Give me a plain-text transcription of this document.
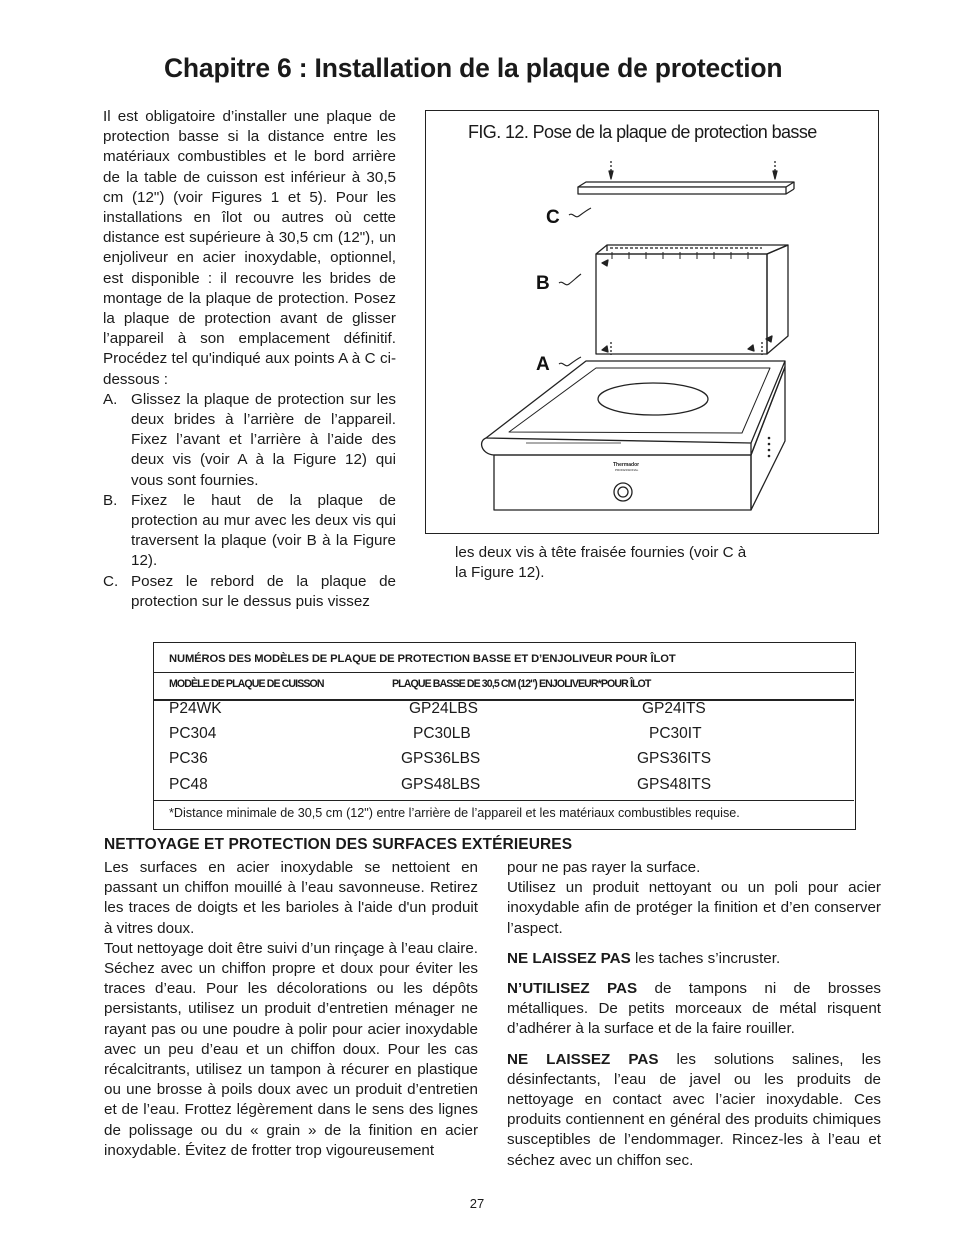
Chapitre 6 : Installation de la plaque de protection

Il est obligatoire d’installer une plaque de protection basse si la distance entre les matériaux combustibles et le bord arrière de la table de cuisson est inférieur à 30,5 cm (12") (voir Figures 1 et 5). Pour les installations en îlot ou autres où cette distance est supérieure à 30,5 cm (12"), un enjoliveur en acier inoxydable, optionnel, est disponible : il recouvre les brides de montage de la plaque de protection. Posez la plaque de protection avant de glisser l’appareil à son emplacement définitif. Procédez tel qu'indiqué aux points A à C ci-dessous :

A. Glissez la plaque de protection sur les deux brides à l’arrière de l’appareil. Fixez l’avant et l’arrière à l’aide des deux vis (voir A à la Figure 12) qui vous sont fournies.
B. Fixez le haut de la plaque de protection au mur avec les deux vis qui traversent la plaque (voir B à la Figure 12).
C. Posez le rebord de la plaque de protection sur le dessus puis vissez
FIG. 12. Pose de la plaque de protection basse
C
B
A
Thermador
PROFESSIONAL
les deux vis à tête fraisée fournies (voir C à la Figure 12).
NUMÉROS DES MODÈLES DE PLAQUE DE PROTECTION BASSE ET D’ENJOLIVEUR POUR ÎLOT
MODÈLE DE PLAQUE DE CUISSON	PLAQUE BASSE DE 30,5 CM (12") ENJOLIVEUR*POUR ÎLOT
P24WK	GP24LBS	GP24ITS
PC304	PC30LB	PC30IT
PC36	GPS36LBS	GPS36ITS
PC48	GPS48LBS	GPS48ITS
*Distance minimale de 30,5 cm (12") entre l’arrière de l’appareil et les matériaux combustibles requise.
NETTOYAGE ET PROTECTION DES SURFACES EXTÉRIEURES

Les surfaces en acier inoxydable se nettoient en passant un chiffon mouillé à l’eau savonneuse. Retirez les traces de doigts et les barioles à l'aide d'un produit à vitres doux.

Tout nettoyage doit être suivi d’un rinçage à l’eau claire. Séchez avec un chiffon propre et doux pour éviter les traces d’eau. Pour les décolorations ou les dépôts persistants, utilisez un produit d’entretien ménager ne rayant pas ou une poudre à polir pour acier inoxydable avec un peu d’eau et un chiffon doux. Pour les cas récalcitrants, utilisez un tampon à récurer en plastique ou une brosse à poils doux avec un produit d’entretien et de l’eau. Frottez légèrement dans le sens des lignes de polissage ou du « grain » de la finition en acier inoxydable. Évitez de frotter trop vigoureusement

pour ne pas rayer la surface.

Utilisez un produit nettoyant ou un poli pour acier inoxydable afin de protéger la finition et d’en conserver l’aspect.

NE LAISSEZ PAS les taches s’incruster.

N’UTILISEZ PAS de tampons ni de brosses métalliques. De petits morceaux de métal risquent d’adhérer à la surface et de la faire rouiller.

NE LAISSEZ PAS les solutions salines, les désinfectants, l’eau de javel ou les produits de nettoyage en contact avec l’acier inoxydable. Ces produits contiennent en général des produits chimiques susceptibles de l’endommager. Rincez-les à l’eau et séchez avec un chiffon sec.

27
